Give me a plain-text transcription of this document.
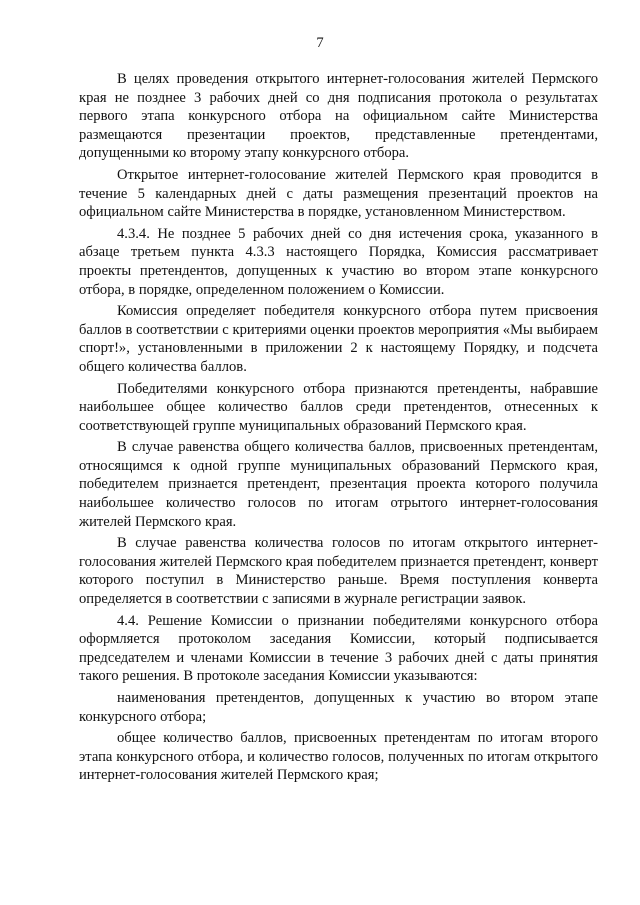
7

В целях проведения открытого интернет-голосования жителей Пермского края не позднее 3 рабочих дней со дня подписания протокола о результатах первого этапа конкурсного отбора на официальном сайте Министерства размещаются презентации проектов, представленные претендентами, допущенными ко второму этапу конкурсного отбора.

Открытое интернет-голосование жителей Пермского края проводится в течение 5 календарных дней с даты размещения презентаций проектов на официальном сайте Министерства в порядке, установленном Министерством.

4.3.4. Не позднее 5 рабочих дней со дня истечения срока, указанного в абзаце третьем пункта 4.3.3 настоящего Порядка, Комиссия рассматривает проекты претендентов, допущенных к участию во втором этапе конкурсного отбора, в порядке, определенном положением о Комиссии.

Комиссия определяет победителя конкурсного отбора путем присвоения баллов в соответствии с критериями оценки проектов мероприятия «Мы выбираем спорт!», установленными в приложении 2 к настоящему Порядку, и подсчета общего количества баллов.

Победителями конкурсного отбора признаются претенденты, набравшие наибольшее общее количество баллов среди претендентов, отнесенных к соответствующей группе муниципальных образований Пермского края.

В случае равенства общего количества баллов, присвоенных претендентам, относящимся к одной группе муниципальных образований Пермского края, победителем признается претендент, презентация проекта которого получила наибольшее количество голосов по итогам отрытого интернет-голосования жителей Пермского края.

В случае равенства количества голосов по итогам открытого интернет-голосования жителей Пермского края победителем признается претендент, конверт которого поступил в Министерство раньше. Время поступления конверта определяется в соответствии с записями в журнале регистрации заявок.

4.4. Решение Комиссии о признании победителями конкурсного отбора оформляется протоколом заседания Комиссии, который подписывается председателем и членами Комиссии в течение 3 рабочих дней с даты принятия такого решения. В протоколе заседания Комиссии указываются:

наименования претендентов, допущенных к участию во втором этапе конкурсного отбора;

общее количество баллов, присвоенных претендентам по итогам второго этапа конкурсного отбора, и количество голосов, полученных по итогам открытого интернет-голосования жителей Пермского края;
